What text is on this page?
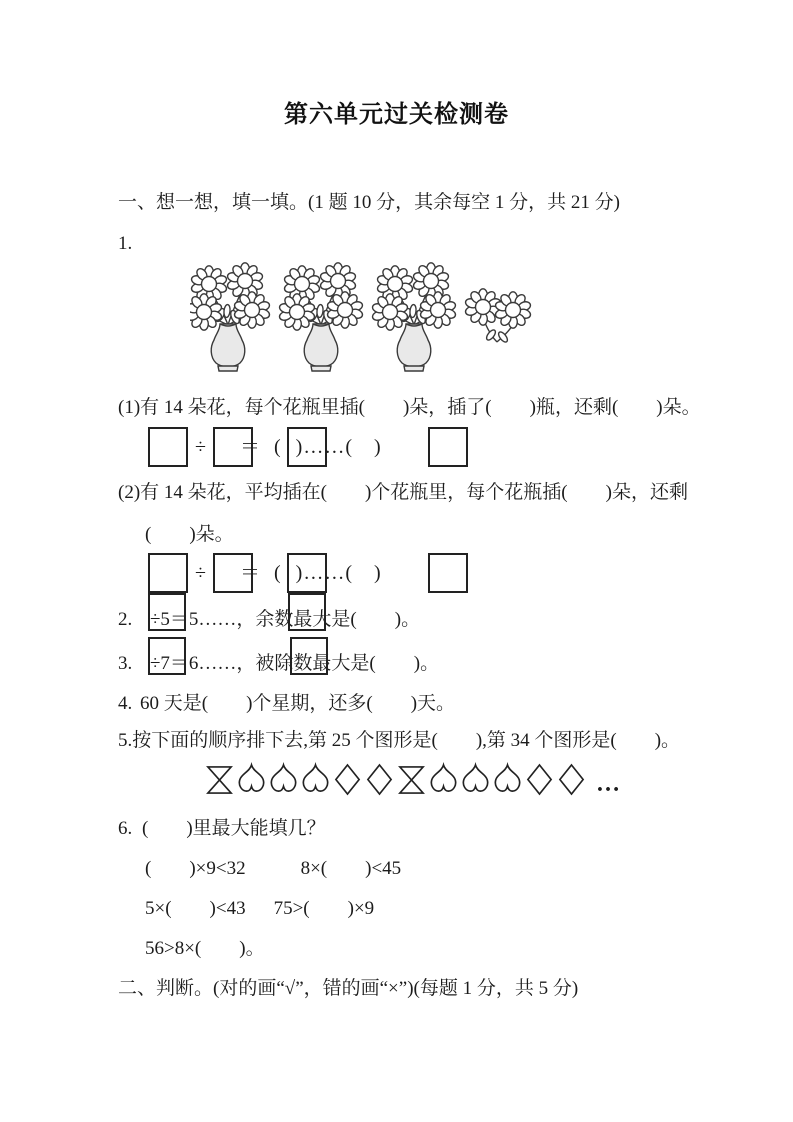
第六单元过关检测卷
一、想一想，填一填。(1 题 10 分，其余每空 1 分，共 21 分)
1.
(1)有 14 朵花，每个花瓶里插(　　)朵，插了(　　)瓶，还剩(　　)朵。
÷ ＝ ( )……(　)
(2)有 14 朵花，平均插在(　　)个花瓶里，每个花瓶插(　　)朵，还剩
(　　)朵。
÷ ＝ ( )……(　)
2. ÷5＝5……，余数最大是(　　)。
3. ÷7＝6……，被除数最大是(　　)。
4. 60 天是(　　)个星期，还多(　　)天。
5.按下面的顺序排下去,第 25 个图形是(　　),第 34 个图形是(　　)。
…
6. (　　)里最大能填几？
(　　)×9<32	8×(　　)<45
5×(　　)<43 75>(　　)×9
56>8×(　　)。
二、判断。(对的画“√”，错的画“×”)(每题 1 分，共 5 分)
